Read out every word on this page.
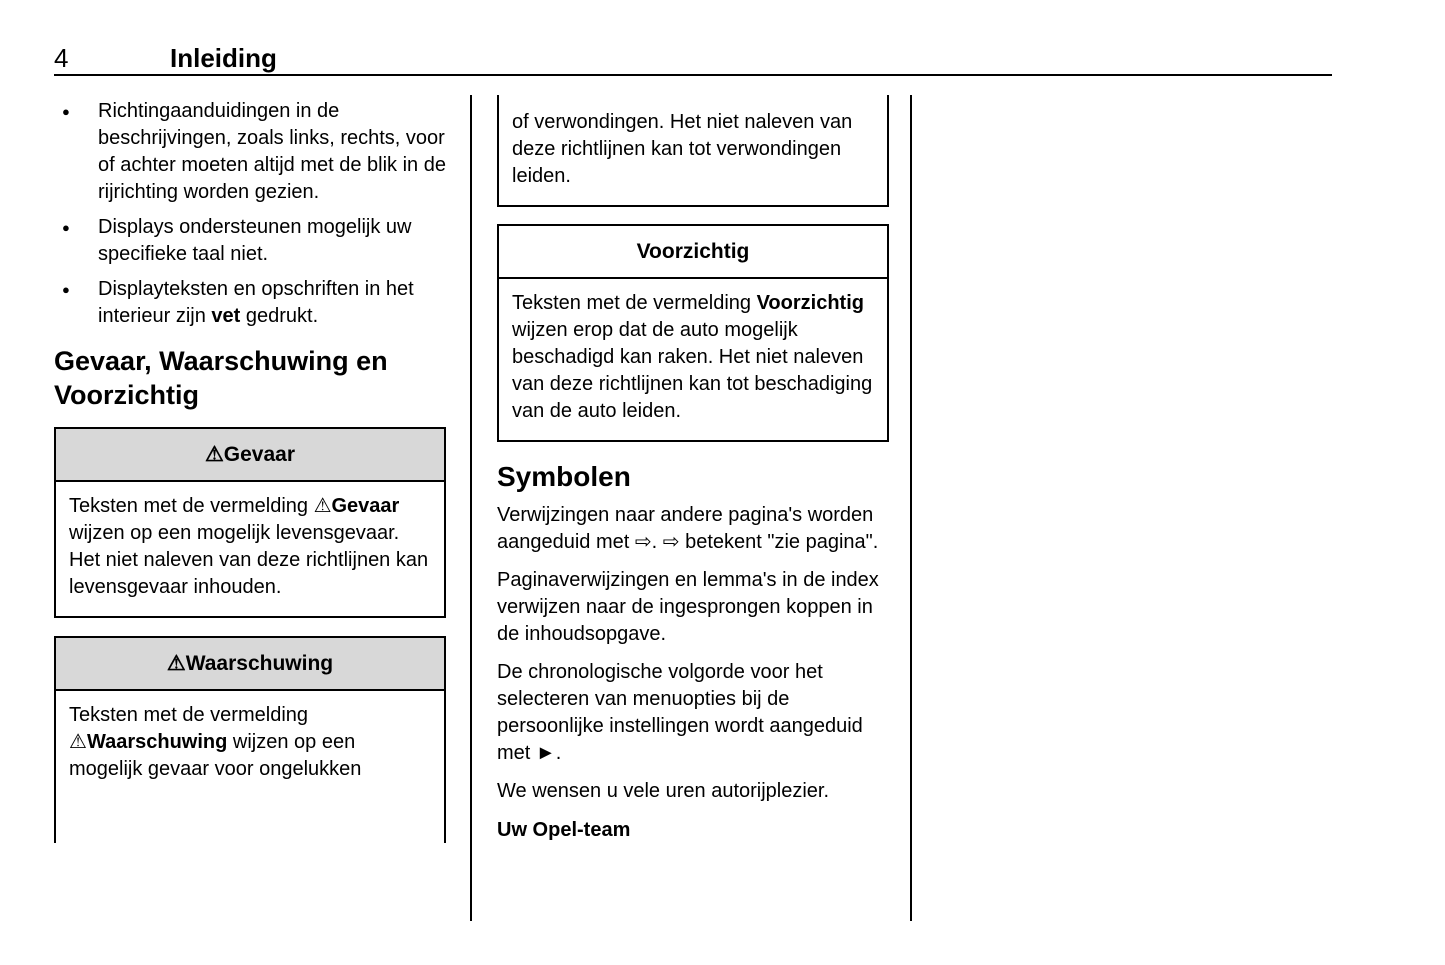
4	Inleiding
●	Richtingaanduidingen in de beschrijvingen, zoals links, rechts, voor of achter moeten altijd met de blik in de rijrichting worden gezien.
●	Displays ondersteunen mogelijk uw specifieke taal niet.
●	Displayteksten en opschriften in het interieur zijn vet gedrukt.
Gevaar, Waarschuwing en Voorzichtig
⚠Gevaar
Teksten met de vermelding ⚠Gevaar wijzen op een mogelijk levensgevaar. Het niet naleven van deze richtlijnen kan levensgevaar inhouden.
⚠Waarschuwing
Teksten met de vermelding ⚠Waarschuwing wijzen op een mogelijk gevaar voor ongelukken
of verwondingen. Het niet naleven van deze richtlijnen kan tot verwondingen leiden.
Voorzichtig
Teksten met de vermelding Voorzichtig wijzen erop dat de auto mogelijk beschadigd kan raken. Het niet naleven van deze richtlijnen kan tot beschadiging van de auto leiden.
Symbolen

Verwijzingen naar andere pagina's worden aangeduid met ⇨. ⇨ betekent "zie pagina".

Paginaverwijzingen en lemma's in de index verwijzen naar de ingesprongen koppen in de inhoudsopgave.

De chronologische volgorde voor het selecteren van menuopties bij de persoonlijke instellingen wordt aangeduid met ►.

We wensen u vele uren autorijplezier.

Uw Opel-team
